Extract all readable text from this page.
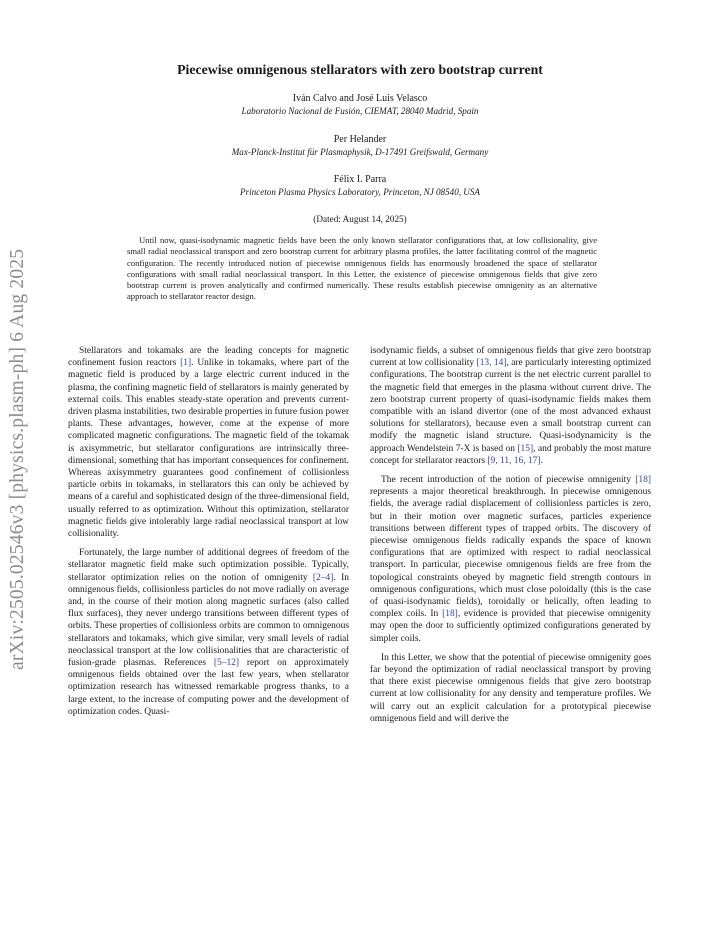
arXiv:2505.02546v3 [physics.plasm-ph] 6 Aug 2025
Piecewise omnigenous stellarators with zero bootstrap current
Iván Calvo and José Luis Velasco
Laboratorio Nacional de Fusión, CIEMAT, 28040 Madrid, Spain
Per Helander
Max-Planck-Institut für Plasmaphysik, D-17491 Greifswald, Germany
Félix I. Parra
Princeton Plasma Physics Laboratory, Princeton, NJ 08540, USA
(Dated: August 14, 2025)
Until now, quasi-isodynamic magnetic fields have been the only known stellarator configurations that, at low collisionality, give small radial neoclassical transport and zero bootstrap current for arbitrary plasma profiles, the latter facilitating control of the magnetic configuration. The recently introduced notion of piecewise omnigenous fields has enormously broadened the space of stellarator configurations with small radial neoclassical transport. In this Letter, the existence of piecewise omnigenous fields that give zero bootstrap current is proven analytically and confirmed numerically. These results establish piecewise omnigenity as an alternative approach to stellarator reactor design.

Stellarators and tokamaks are the leading concepts for magnetic confinement fusion reactors [1]. Unlike in tokamaks, where part of the magnetic field is produced by a large electric current induced in the plasma, the confining magnetic field of stellarators is mainly generated by external coils. This enables steady-state operation and prevents current-driven plasma instabilities, two desirable properties in future fusion power plants. These advantages, however, come at the expense of more complicated magnetic configurations. The magnetic field of the tokamak is axisymmetric, but stellarator configurations are intrinsically three-dimensional, something that has important consequences for confinement. Whereas axisymmetry guarantees good confinement of collisionless particle orbits in tokamaks, in stellarators this can only be achieved by means of a careful and sophisticated design of the three-dimensional field, usually referred to as optimization. Without this optimization, stellarator magnetic fields give intolerably large radial neoclassical transport at low collisionality.

Fortunately, the large number of additional degrees of freedom of the stellarator magnetic field make such optimization possible. Typically, stellarator optimization relies on the notion of omnigenity [2–4]. In omnigenous fields, collisionless particles do not move radially on average and, in the course of their motion along magnetic surfaces (also called flux surfaces), they never undergo transitions between different types of orbits. These properties of collisionless orbits are common to omnigenous stellarators and tokamaks, which give similar, very small levels of radial neoclassical transport at the low collisionalities that are characteristic of fusion-grade plasmas. References [5–12] report on approximately omnigenous fields obtained over the last few years, when stellarator optimization research has witnessed remarkable progress thanks, to a large extent, to the increase of computing power and the development of optimization codes. Quasi-

isodynamic fields, a subset of omnigenous fields that give zero bootstrap current at low collisionality [13, 14], are particularly interesting optimized configurations. The bootstrap current is the net electric current parallel to the magnetic field that emerges in the plasma without current drive. The zero bootstrap current property of quasi-isodynamic fields makes them compatible with an island divertor (one of the most advanced exhaust solutions for stellarators), because even a small bootstrap current can modify the magnetic island structure. Quasi-isodynamicity is the approach Wendelstein 7-X is based on [15], and probably the most mature concept for stellarator reactors [9, 11, 16, 17].

The recent introduction of the notion of piecewise omnigenity [18] represents a major theoretical breakthrough. In piecewise omnigenous fields, the average radial displacement of collisionless particles is zero, but in their motion over magnetic surfaces, particles experience transitions between different types of trapped orbits. The discovery of piecewise omnigenous fields radically expands the space of known configurations that are optimized with respect to radial neoclassical transport. In particular, piecewise omnigenous fields are free from the topological constraints obeyed by magnetic field strength contours in omnigenous configurations, which must close poloidally (this is the case of quasi-isodynamic fields), toroidally or helically, often leading to complex coils. In [18], evidence is provided that piecewise omnigenity may open the door to sufficiently optimized configurations generated by simpler coils.

In this Letter, we show that the potential of piecewise omnigenity goes far beyond the optimization of radial neoclassical transport by proving that there exist piecewise omnigenous fields that give zero bootstrap current at low collisionality for any density and temperature profiles. We will carry out an explicit calculation for a prototypical piecewise omnigenous field and will derive the
